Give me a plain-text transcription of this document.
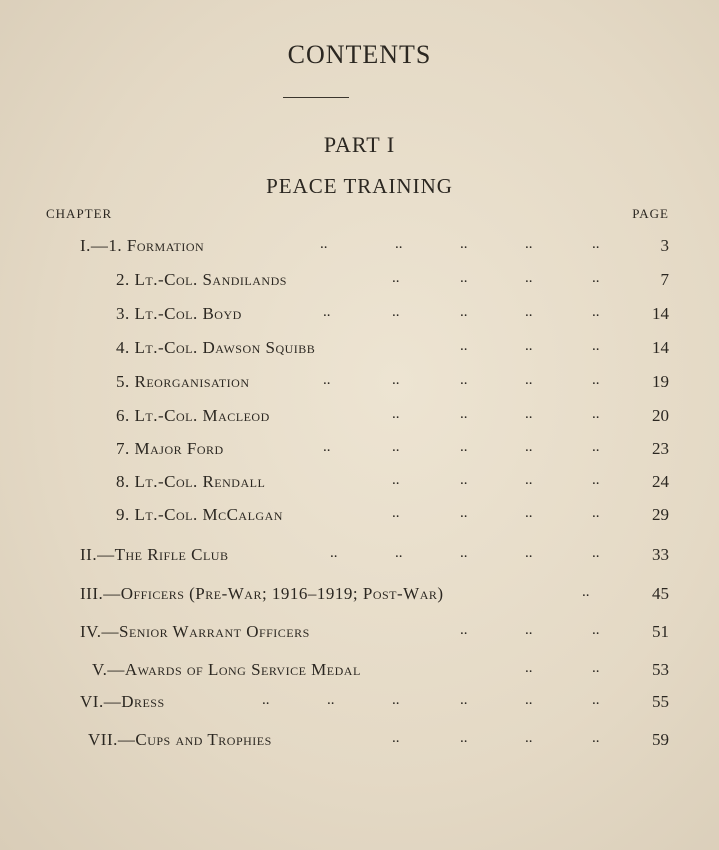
CONTENTS
PART I
PEACE TRAINING
CHAPTER	PAGE
I.—1. Formation	..	..	..	..	..	3
2. Lt.-Col. Sandilands	..	..	..	..	7
3. Lt.-Col. Boyd	..	..	..	..	..	14
4. Lt.-Col. Dawson Squibb	..	..	..	14
5. Reorganisation	..	..	..	..	..	19
6. Lt.-Col. Macleod	..	..	..	..	20
7. Major Ford	..	..	..	..	..	23
8. Lt.-Col. Rendall	..	..	..	..	24
9. Lt.-Col. McCalgan	..	..	..	..	29
II.—The Rifle Club	..	..	..	..	..	33
III.—Officers (Pre-War; 1916–1919; Post-War)	..	45
IV.—Senior Warrant Officers	..	..	..	51
V.—Awards of Long Service Medal	..	..	53
VI.—Dress	..	..	..	..	..	..	55
VII.—Cups and Trophies	..	..	..	..	59
